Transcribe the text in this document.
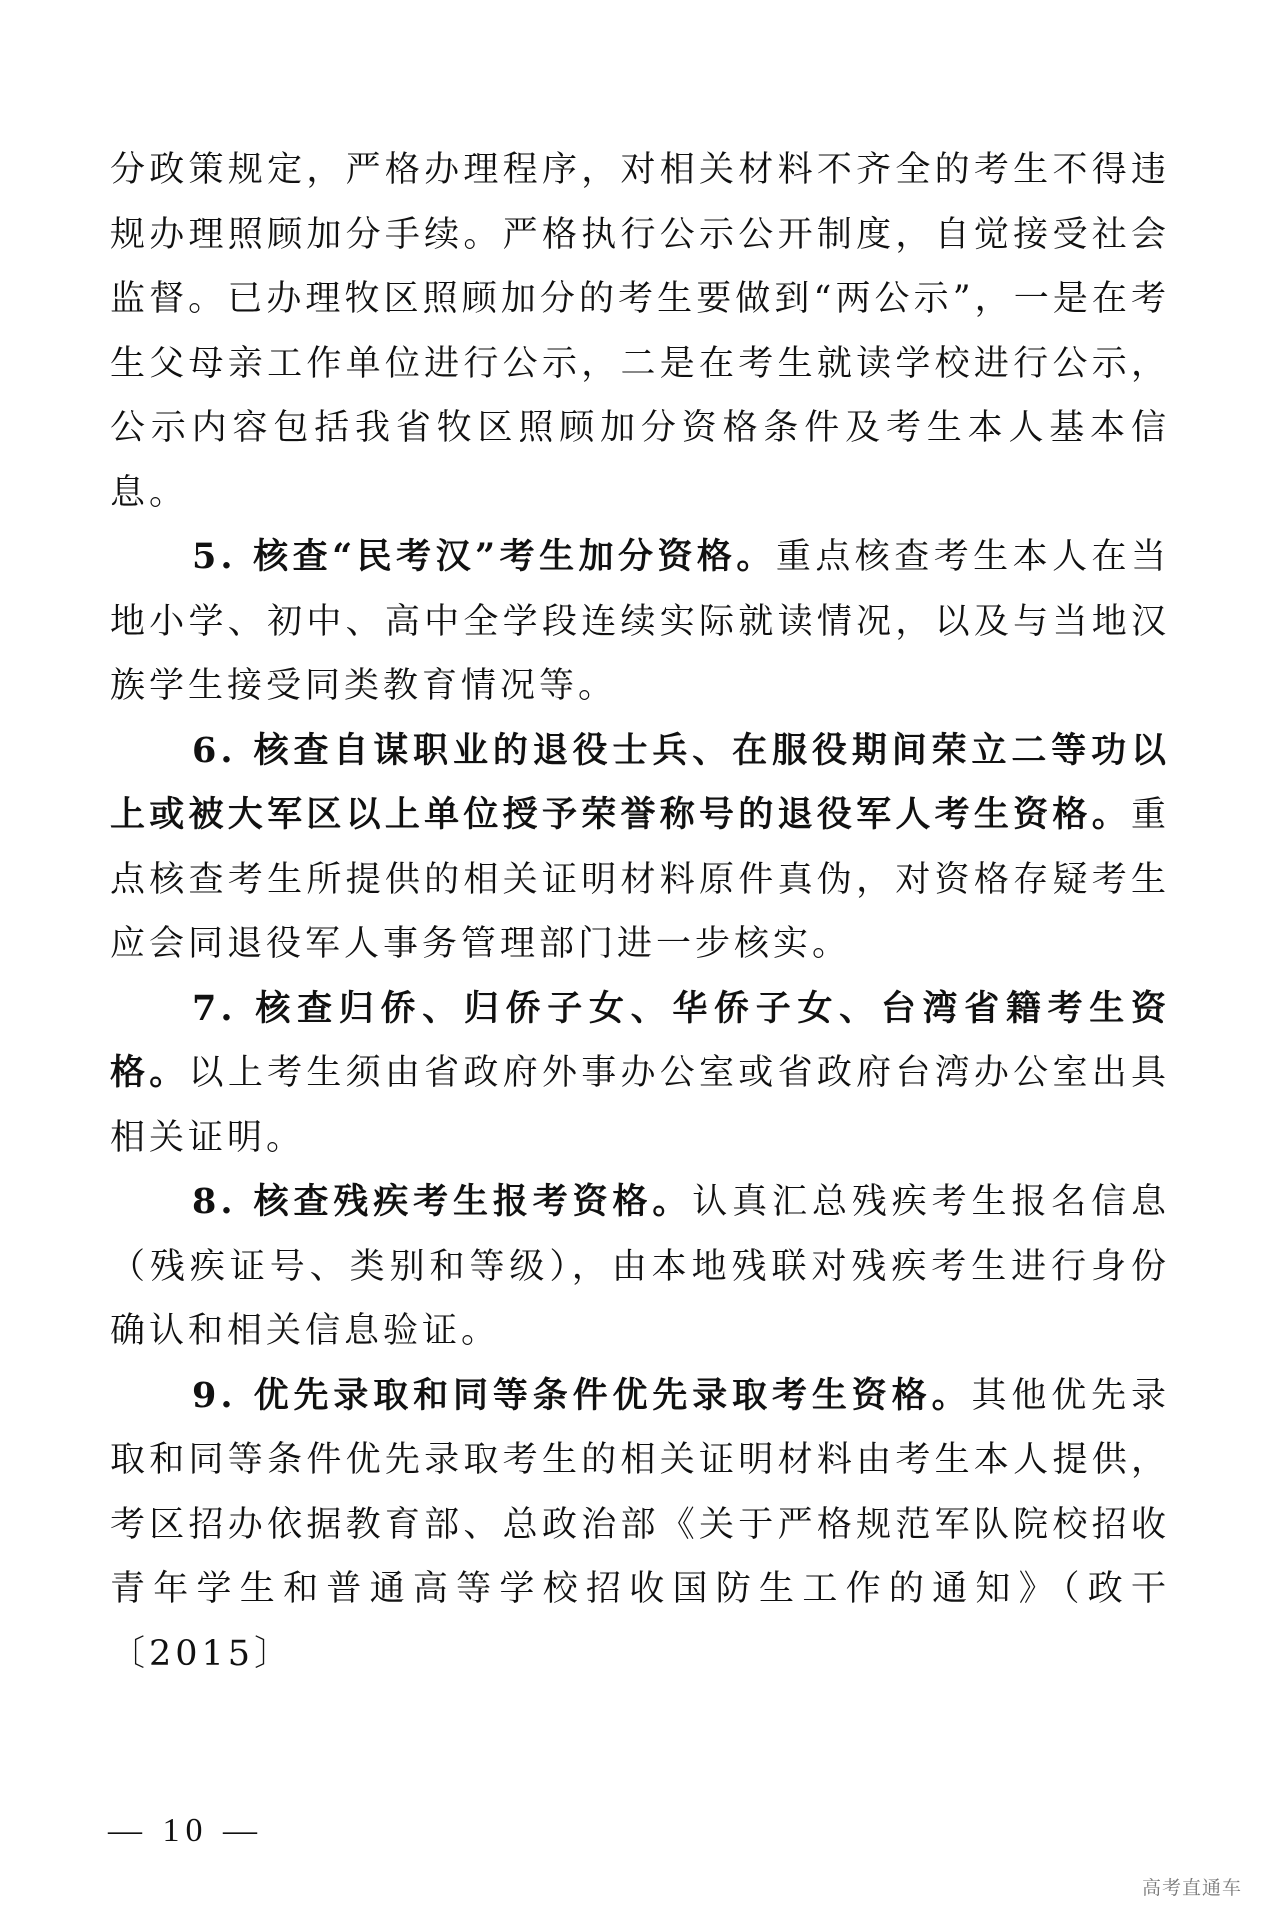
分政策规定，严格办理程序，对相关材料不齐全的考生不得违规办理照顾加分手续。严格执行公示公开制度，自觉接受社会监督。已办理牧区照顾加分的考生要做到“两公示”，一是在考生父母亲工作单位进行公示，二是在考生就读学校进行公示，公示内容包括我省牧区照顾加分资格条件及考生本人基本信息。

5. 核查“民考汉”考生加分资格。重点核查考生本人在当地小学、初中、高中全学段连续实际就读情况，以及与当地汉族学生接受同类教育情况等。

6. 核查自谋职业的退役士兵、在服役期间荣立二等功以上或被大军区以上单位授予荣誉称号的退役军人考生资格。重点核查考生所提供的相关证明材料原件真伪，对资格存疑考生应会同退役军人事务管理部门进一步核实。

7. 核查归侨、归侨子女、华侨子女、台湾省籍考生资格。以上考生须由省政府外事办公室或省政府台湾办公室出具相关证明。

8. 核查残疾考生报考资格。认真汇总残疾考生报名信息（残疾证号、类别和等级），由本地残联对残疾考生进行身份确认和相关信息验证。

9. 优先录取和同等条件优先录取考生资格。其他优先录取和同等条件优先录取考生的相关证明材料由考生本人提供，考区招办依据教育部、总政治部《关于严格规范军队院校招收青年学生和普通高等学校招收国防生工作的通知》（政干〔2015〕

— 10 —
高考直通车
